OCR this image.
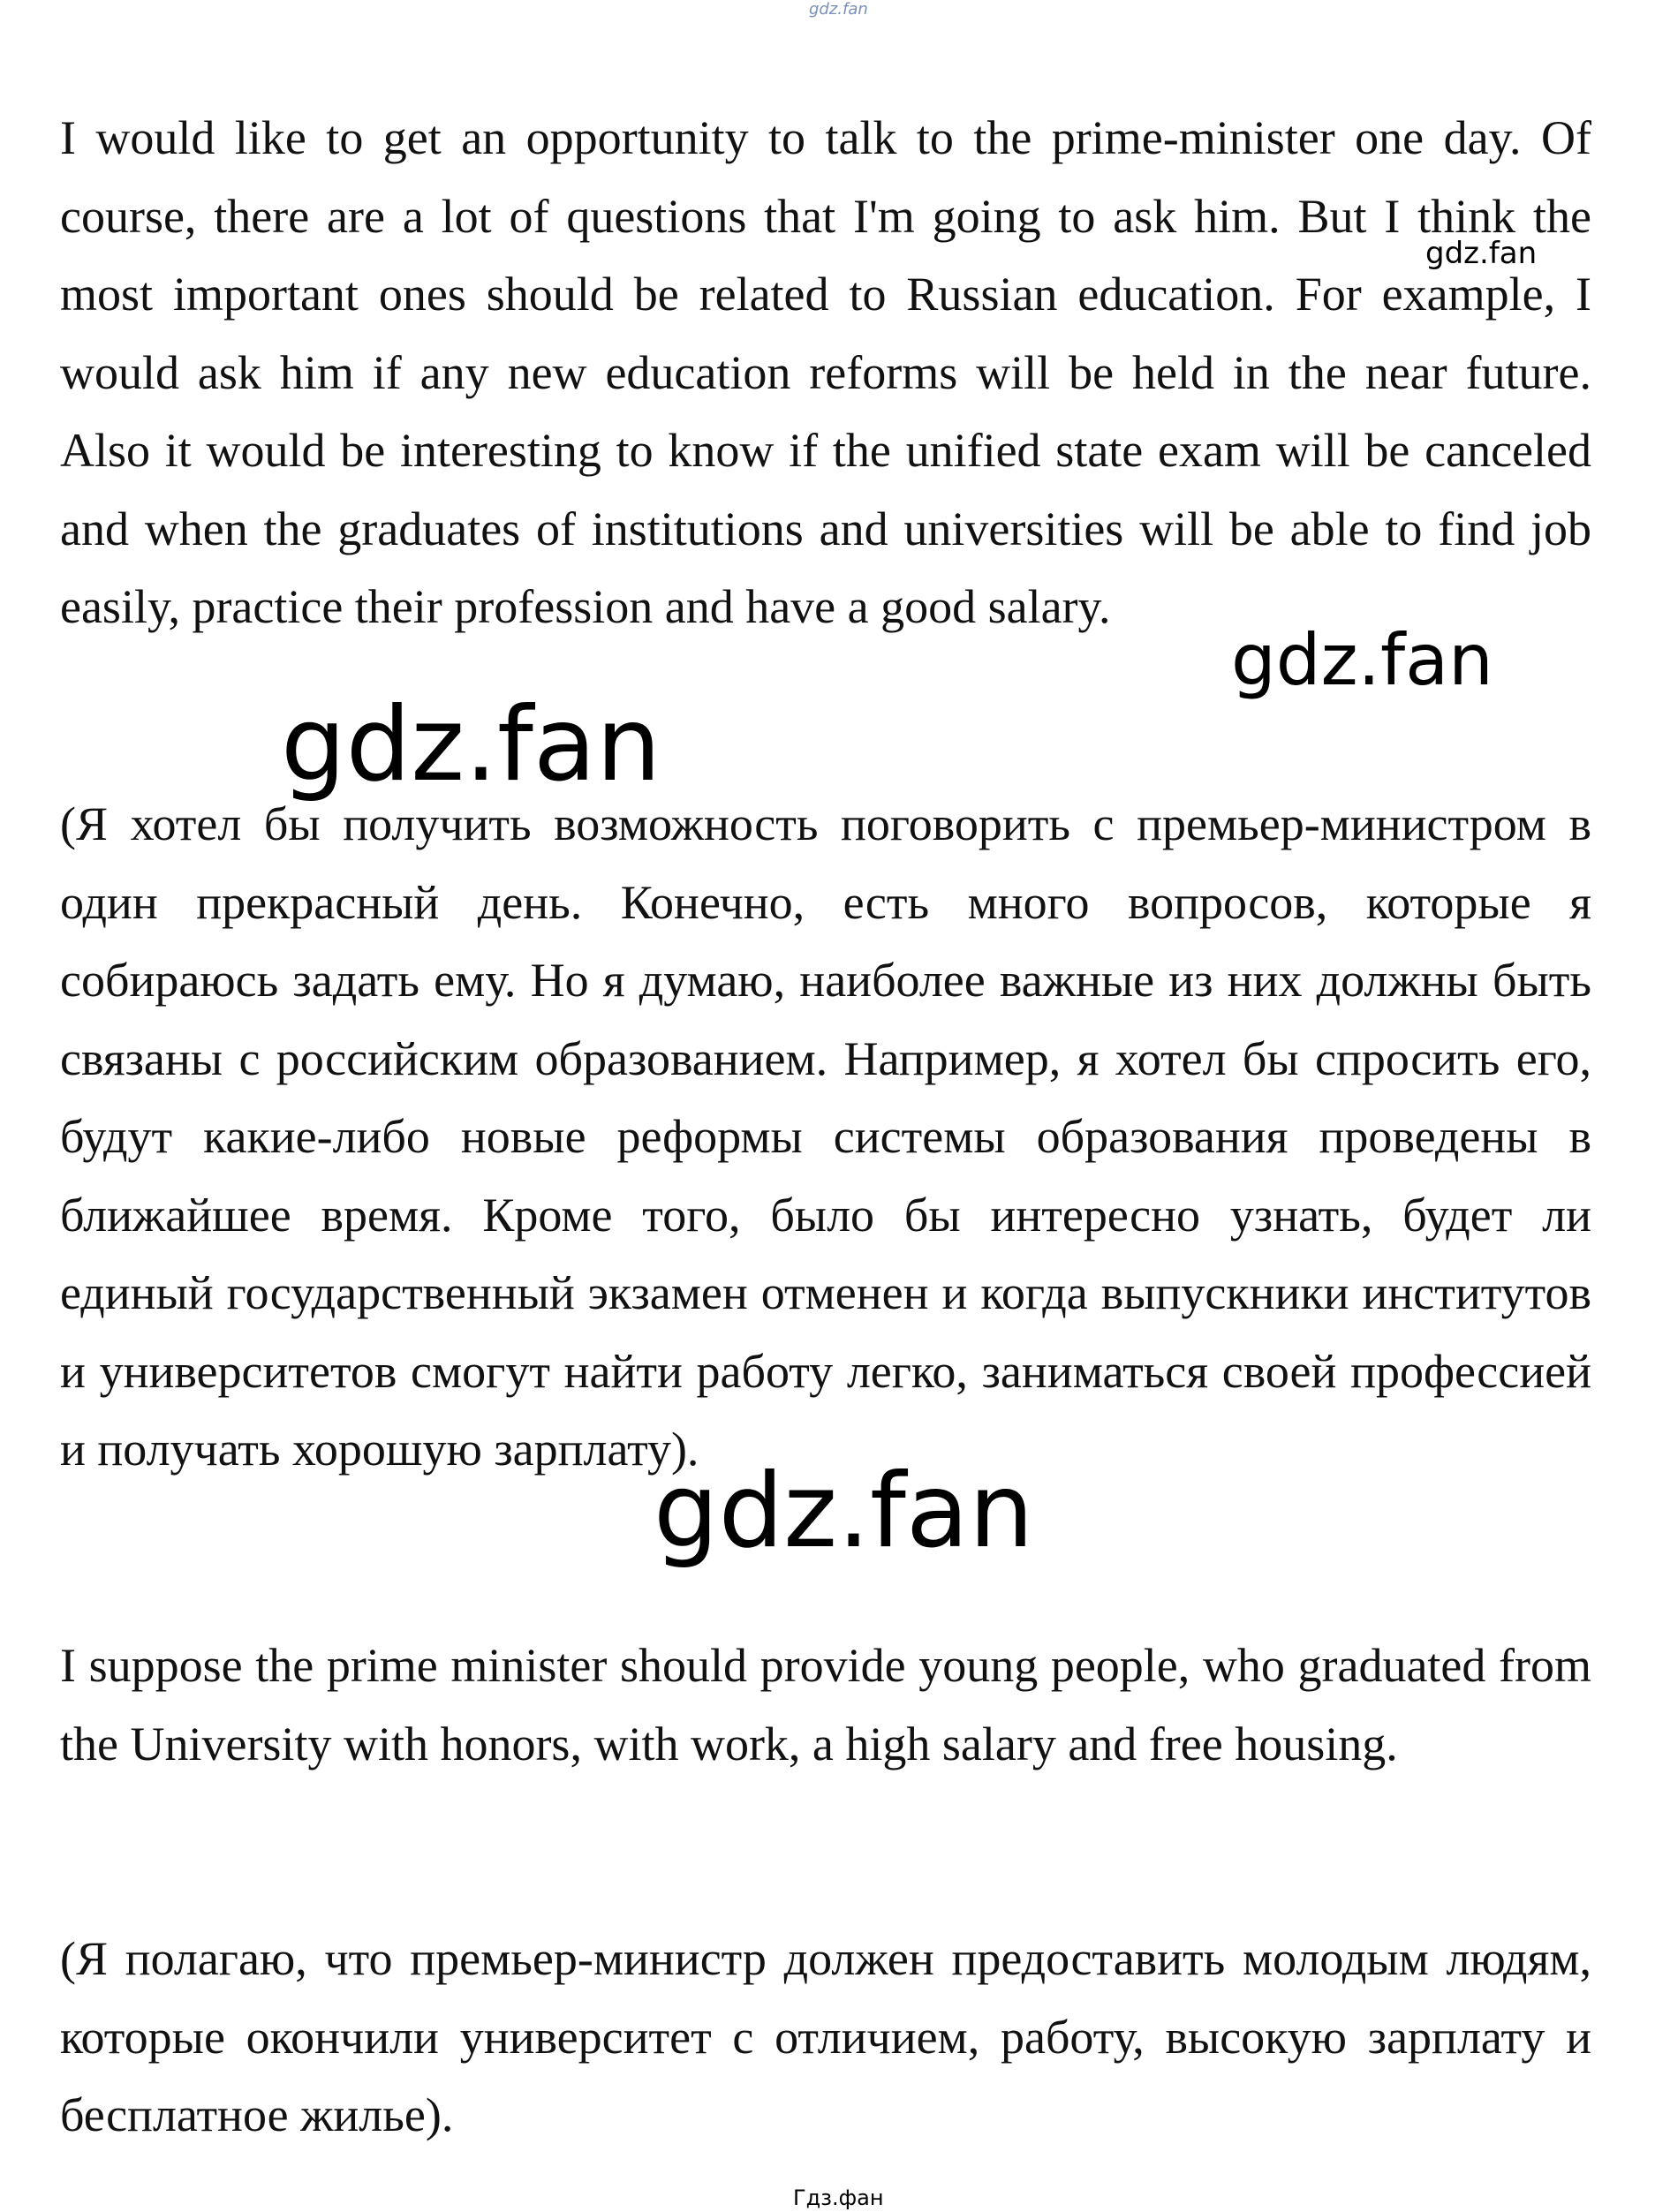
gdz.fan

I would like to get an opportunity to talk to the prime-minister one day. Of course, there are a lot of questions that I'm going to ask him. But I think the most important ones should be related to Russian education. For example, I would ask him if any new education reforms will be held in the near future. Also it would be interesting to know if the unified state exam will be canceled and when the graduates of institutions and universities will be able to find job easily, practice their profession and have a good salary.

gdz.fan
gdz.fan
gdz.fan

(Я хотел бы получить возможность поговорить с премьер-министром в один прекрасный день. Конечно, есть много вопросов, которые я собираюсь задать ему. Но я думаю, наиболее важные из них должны быть связаны с российским образованием. Например, я хотел бы спросить его, будут какие-либо новые реформы системы образования проведены в ближайшее время. Кроме того, было бы интересно узнать, будет ли единый государственный экзамен отменен и когда выпускники институтов и университетов смогут найти работу легко, заниматься своей профессией и получать хорошую зарплату).

gdz.fan

I suppose the prime minister should provide young people, who graduated from the University with honors, with work, a high salary and free housing.

(Я полагаю, что премьер-министр должен предоставить молодым людям, которые окончили университет с отличием, работу, высокую зарплату и бесплатное жилье).

Гдз.фан
